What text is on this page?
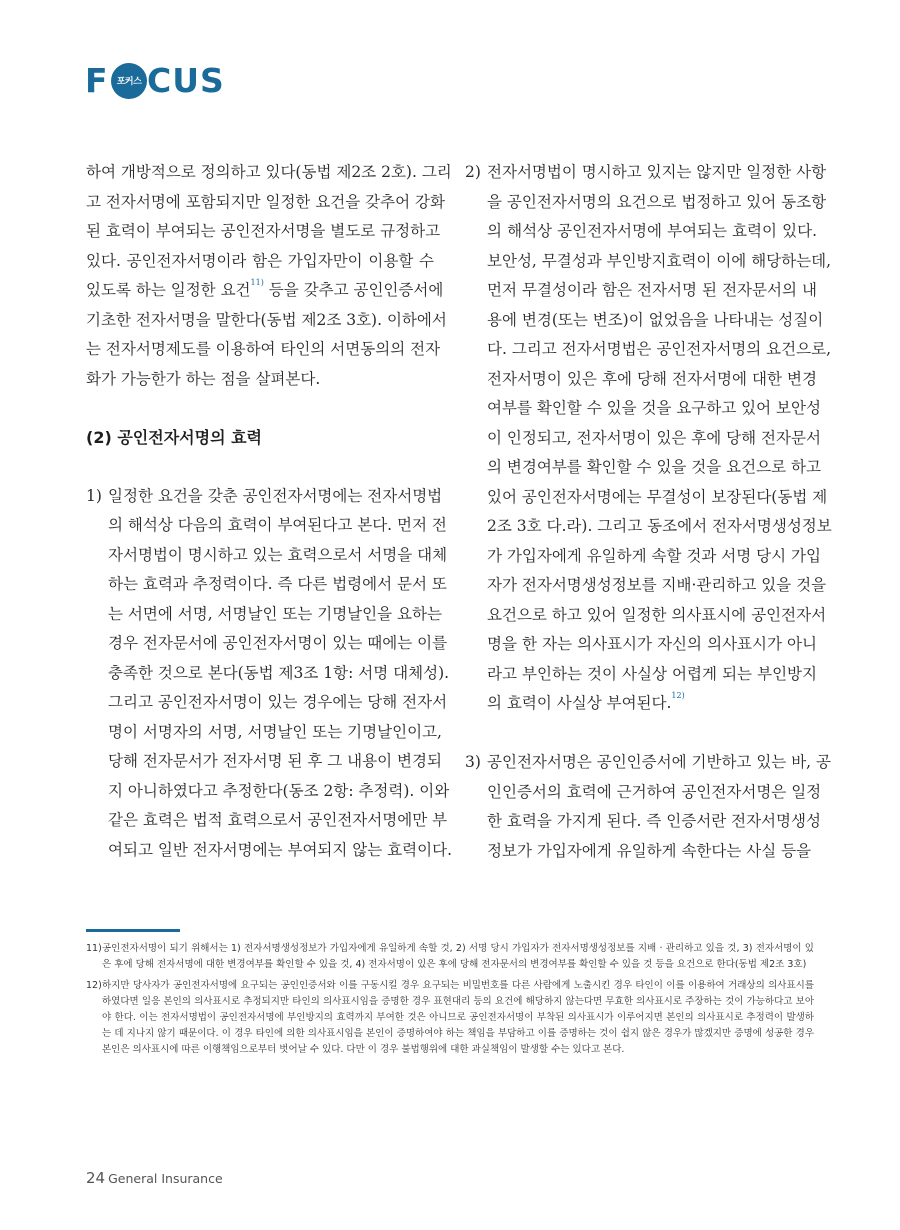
F 포커스 CUS
하여 개방적으로 정의하고 있다(동법 제2조 2호). 그리
고 전자서명에 포함되지만 일정한 요건을 갖추어 강화
된 효력이 부여되는 공인전자서명을 별도로 규정하고
있다. 공인전자서명이라 함은 가입자만이 이용할 수
있도록 하는 일정한 요건$^{11)}$ 등을 갖추고 공인인증서에
기초한 전자서명을 말한다(동법 제2조 3호). 이하에서
는 전자서명제도를 이용하여 타인의 서면동의의 전자
화가 가능한가 하는 점을 살펴본다.
(2) 공인전자서명의 효력
1) 일정한 요건을 갖춘 공인전자서명에는 전자서명법
의 해석상 다음의 효력이 부여된다고 본다. 먼저 전
자서명법이 명시하고 있는 효력으로서 서명을 대체
하는 효력과 추정력이다. 즉 다른 법령에서 문서 또
는 서면에 서명, 서명날인 또는 기명날인을 요하는
경우 전자문서에 공인전자서명이 있는 때에는 이를
충족한 것으로 본다(동법 제3조 1항: 서명 대체성).
그리고 공인전자서명이 있는 경우에는 당해 전자서
명이 서명자의 서명, 서명날인 또는 기명날인이고,
당해 전자문서가 전자서명 된 후 그 내용이 변경되
지 아니하였다고 추정한다(동조 2항: 추정력). 이와
같은 효력은 법적 효력으로서 공인전자서명에만 부
여되고 일반 전자서명에는 부여되지 않는 효력이다.
2) 전자서명법이 명시하고 있지는 않지만 일정한 사항
을 공인전자서명의 요건으로 법정하고 있어 동조항
의 해석상 공인전자서명에 부여되는 효력이 있다.
보안성, 무결성과 부인방지효력이 이에 해당하는데,
먼저 무결성이라 함은 전자서명 된 전자문서의 내
용에 변경(또는 변조)이 없었음을 나타내는 성질이
다. 그리고 전자서명법은 공인전자서명의 요건으로,
전자서명이 있은 후에 당해 전자서명에 대한 변경
여부를 확인할 수 있을 것을 요구하고 있어 보안성
이 인정되고, 전자서명이 있은 후에 당해 전자문서
의 변경여부를 확인할 수 있을 것을 요건으로 하고
있어 공인전자서명에는 무결성이 보장된다(동법 제
2조 3호 다.라). 그리고 동조에서 전자서명생성정보
가 가입자에게 유일하게 속할 것과 서명 당시 가입
자가 전자서명생성정보를 지배·관리하고 있을 것을
요건으로 하고 있어 일정한 의사표시에 공인전자서
명을 한 자는 의사표시가 자신의 의사표시가 아니
라고 부인하는 것이 사실상 어렵게 되는 부인방지
의 효력이 사실상 부여된다.$^{12)}$
3) 공인전자서명은 공인인증서에 기반하고 있는 바, 공
인인증서의 효력에 근거하여 공인전자서명은 일정
한 효력을 가지게 된다. 즉 인증서란 전자서명생성
정보가 가입자에게 유일하게 속한다는 사실 등을
11) 공인전자서명이 되기 위해서는 1) 전자서명생성정보가 가입자에게 유일하게 속할 것, 2) 서명 당시 가입자가 전자서명생성정보를 지배 · 관리하고 있을 것, 3) 전자서명이 있은 후에 당해 전자서명에 대한 변경여부를 확인할 수 있을 것, 4) 전자서명이 있은 후에 당해 전자문서의 변경여부를 확인할 수 있을 것 등을 요건으로 한다(동법 제2조 3호)
12) 하지만 당사자가 공인전자서명에 요구되는 공인인증서와 이를 구동시킬 경우 요구되는 비밀번호를 다른 사람에게 노출시킨 경우 타인이 이를 이용하여 거래상의 의사표시를 하였다면 일응 본인의 의사표시로 추정되지만 타인의 의사표시임을 증명한 경우 표현대리 등의 요건에 해당하지 않는다면 무효한 의사표시로 주장하는 것이 가능하다고 보아야 한다. 이는 전자서명법이 공인전자서명에 부인방지의 효력까지 부여한 것은 아니므로 공인전자서명이 부착된 의사표시가 이루어지면 본인의 의사표시로 추정력이 발생하는 데 지나지 않기 때문이다. 이 경우 타인에 의한 의사표시임을 본인이 증명하여야 하는 책임을 부담하고 이를 증명하는 것이 쉽지 않은 경우가 많겠지만 증명에 성공한 경우 본인은 의사표시에 따른 이행책임으로부터 벗어날 수 있다. 다만 이 경우 불법행위에 대한 과실책임이 발생할 수는 있다고 본다.
24 General Insurance
